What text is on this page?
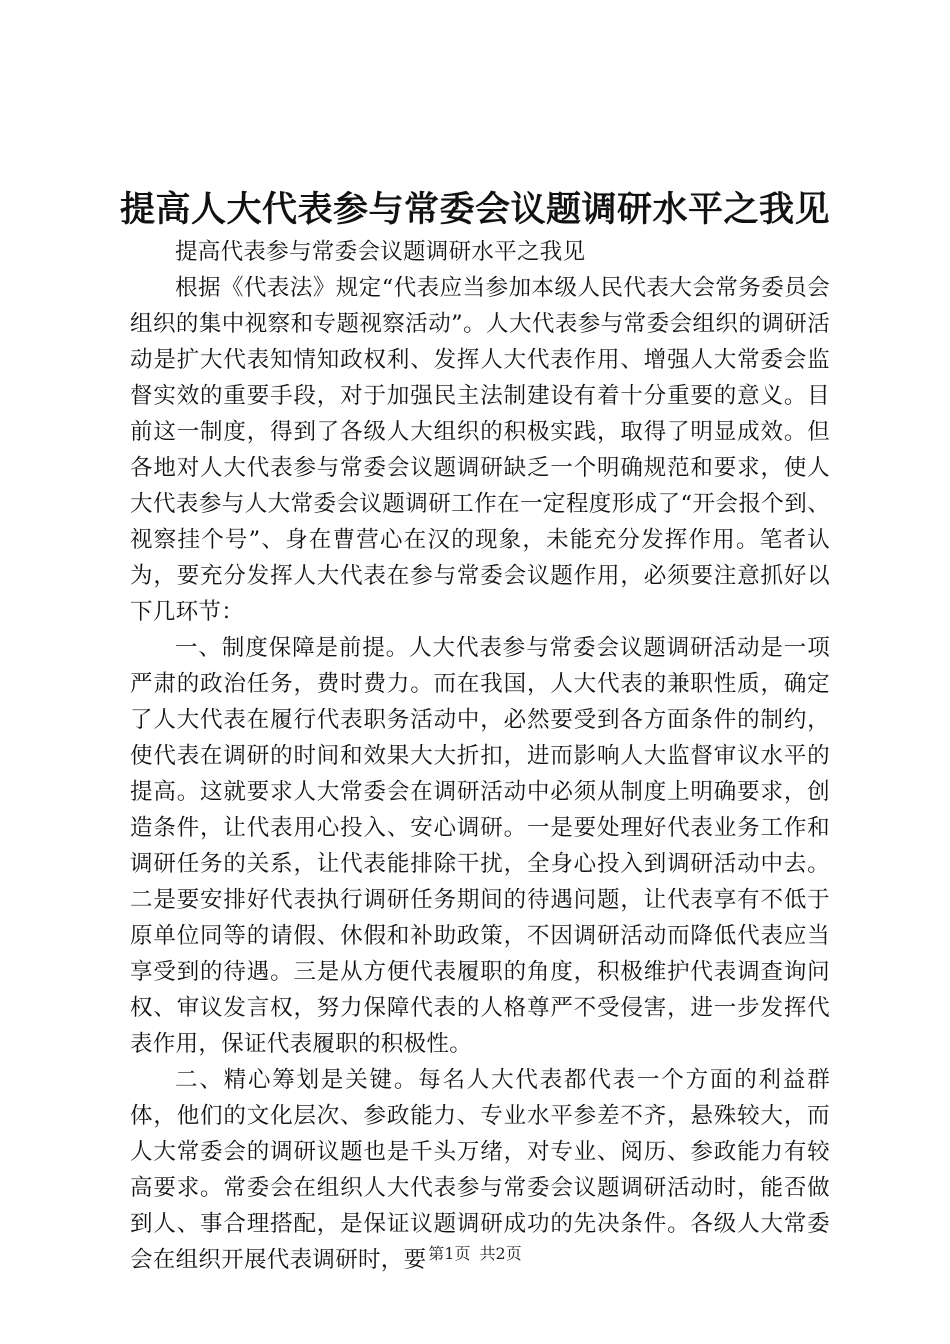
提高人大代表参与常委会议题调研水平之我见

提高代表参与常委会议题调研水平之我见

根据《代表法》规定“代表应当参加本级人民代表大会常务委员会组织的集中视察和专题视察活动”。人大代表参与常委会组织的调研活动是扩大代表知情知政权利、发挥人大代表作用、增强人大常委会监督实效的重要手段，对于加强民主法制建设有着十分重要的意义。目前这一制度，得到了各级人大组织的积极实践，取得了明显成效。但各地对人大代表参与常委会议题调研缺乏一个明确规范和要求，使人大代表参与人大常委会议题调研工作在一定程度形成了“开会报个到、视察挂个号”、身在曹营心在汉的现象，未能充分发挥作用。笔者认为，要充分发挥人大代表在参与常委会议题作用，必须要注意抓好以下几环节：

一、制度保障是前提。人大代表参与常委会议题调研活动是一项严肃的政治任务，费时费力。而在我国，人大代表的兼职性质，确定了人大代表在履行代表职务活动中，必然要受到各方面条件的制约，使代表在调研的时间和效果大大折扣，进而影响人大监督审议水平的提高。这就要求人大常委会在调研活动中必须从制度上明确要求，创造条件，让代表用心投入、安心调研。一是要处理好代表业务工作和调研任务的关系，让代表能排除干扰，全身心投入到调研活动中去。二是要安排好代表执行调研任务期间的待遇问题，让代表享有不低于原单位同等的请假、休假和补助政策，不因调研活动而降低代表应当享受到的待遇。三是从方便代表履职的角度，积极维护代表调查询问权、审议发言权，努力保障代表的人格尊严不受侵害，进一步发挥代表作用，保证代表履职的积极性。

二、精心筹划是关键。每名人大代表都代表一个方面的利益群体，他们的文化层次、参政能力、专业水平参差不齐，悬殊较大，而人大常委会的调研议题也是千头万绪，对专业、阅历、参政能力有较高要求。常委会在组织人大代表参与常委会议题调研活动时，能否做到人、事合理搭配，是保证议题调研成功的先决条件。各级人大常委会在组织开展代表调研时，要 第1页 共2页
